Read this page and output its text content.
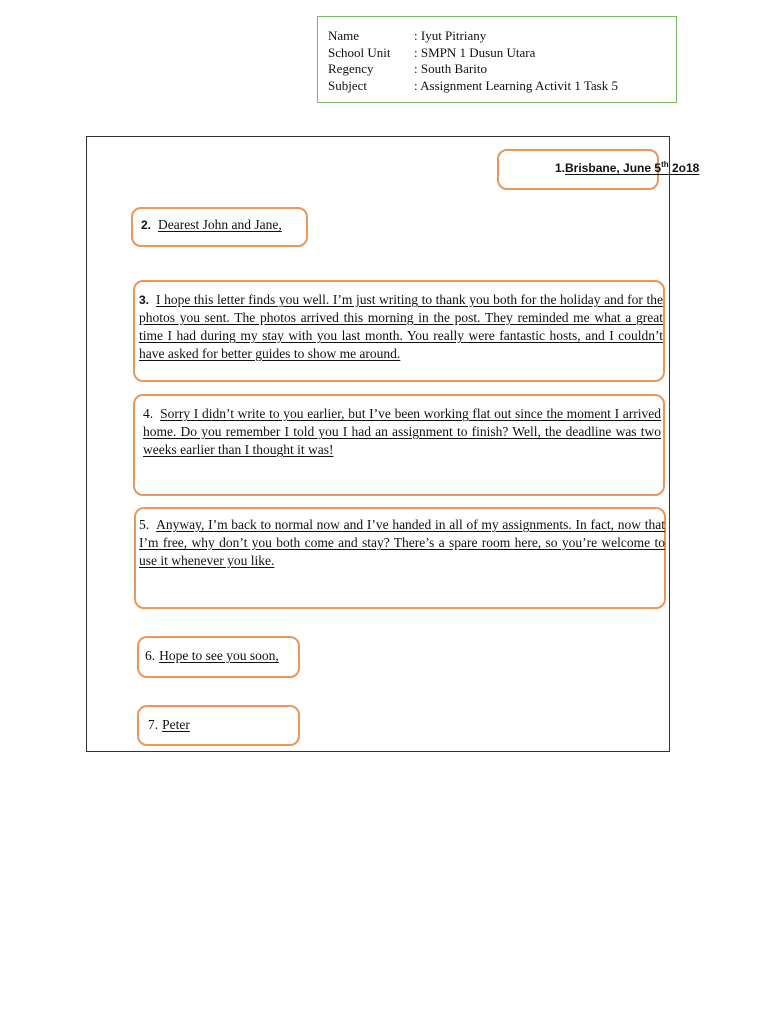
Name	: Iyut Pitriany
School Unit	: SMPN 1 Dusun Utara
Regency	: South Barito
Subject	: Assignment Learning Activit 1 Task 5
1.Brisbane, June 5th 2o18
2. Dearest John and Jane,
3. I hope this letter finds you well. I’m just writing to thank you both for the holiday and for the photos you sent. The photos arrived this morning in the post. They reminded me what a great time I had during my stay with you last month. You really were fantastic hosts, and I couldn’t have asked for better guides to show me around.
4. Sorry I didn’t write to you earlier, but I’ve been working flat out since the moment I arrived home. Do you remember I told you I had an assignment to finish? Well, the deadline was two weeks earlier than I thought it was!
5. Anyway, I’m back to normal now and I’ve handed in all of my assignments. In fact, now that I’m free, why don’t you both come and stay? There’s a spare room here, so you’re welcome to use it whenever you like.
6. Hope to see you soon,
7. Peter
